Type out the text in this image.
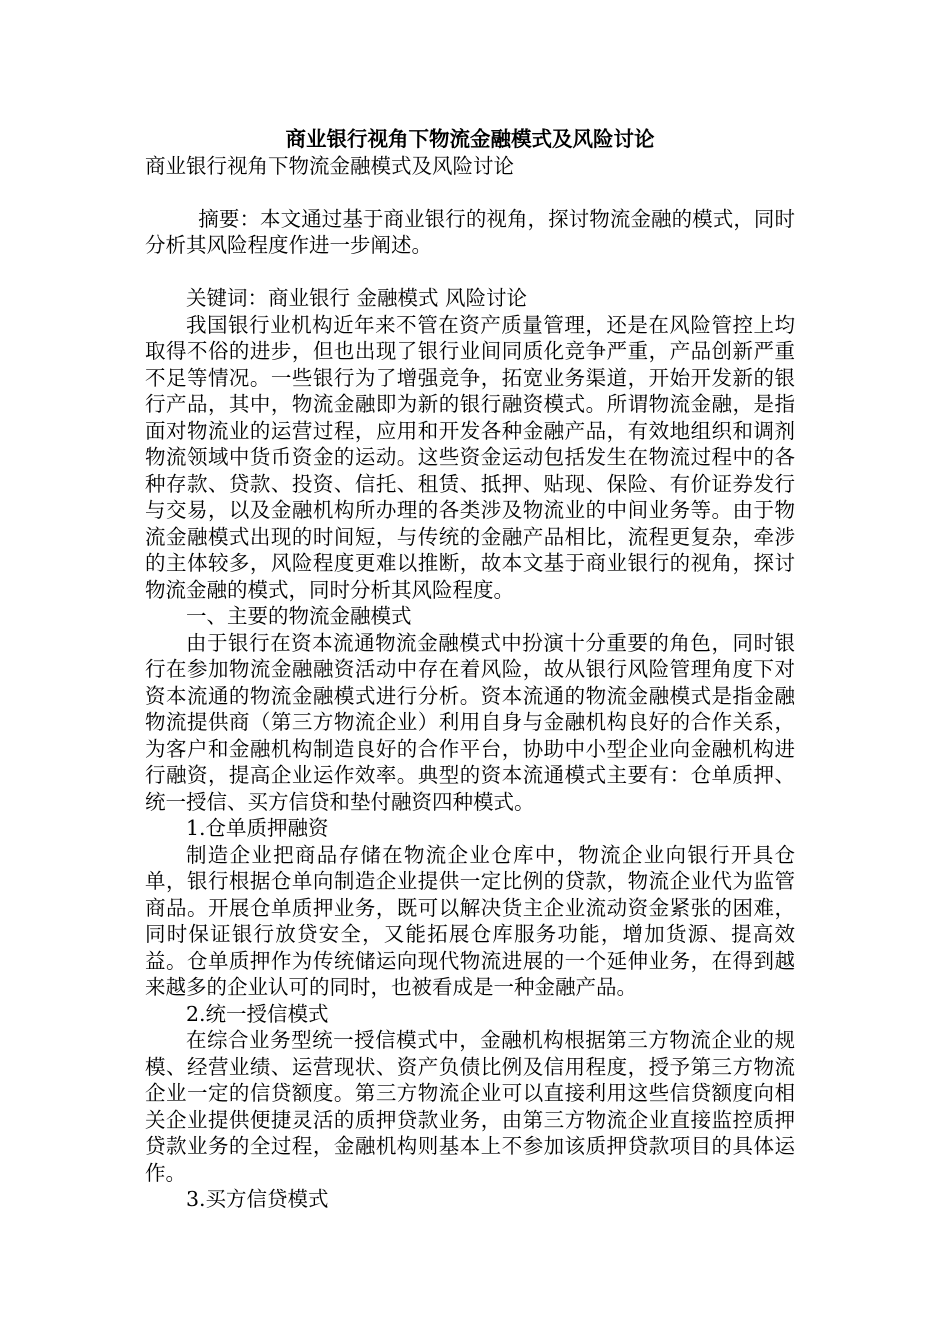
商业银行视角下物流金融模式及风险讨论

商业银行视角下物流金融模式及风险讨论

摘要：本文通过基于商业银行的视角，探讨物流金融的模式，同时分析其风险程度作进一步阐述。

关键词：商业银行 金融模式 风险讨论

我国银行业机构近年来不管在资产质量管理，还是在风险管控上均取得不俗的进步，但也出现了银行业间同质化竞争严重，产品创新严重不足等情况。一些银行为了增强竞争，拓宽业务渠道，开始开发新的银行产品，其中，物流金融即为新的银行融资模式。所谓物流金融，是指面对物流业的运营过程，应用和开发各种金融产品，有效地组织和调剂物流领域中货币资金的运动。这些资金运动包括发生在物流过程中的各种存款、贷款、投资、信托、租赁、抵押、贴现、保险、有价证券发行与交易，以及金融机构所办理的各类涉及物流业的中间业务等。由于物流金融模式出现的时间短，与传统的金融产品相比，流程更复杂，牵涉的主体较多，风险程度更难以推断，故本文基于商业银行的视角，探讨物流金融的模式，同时分析其风险程度。

一、主要的物流金融模式

由于银行在资本流通物流金融模式中扮演十分重要的角色，同时银行在参加物流金融融资活动中存在着风险，故从银行风险管理角度下对资本流通的物流金融模式进行分析。资本流通的物流金融模式是指金融物流提供商（第三方物流企业）利用自身与金融机构良好的合作关系，为客户和金融机构制造良好的合作平台，协助中小型企业向金融机构进行融资，提高企业运作效率。典型的资本流通模式主要有：仓单质押、统一授信、买方信贷和垫付融资四种模式。

1.仓单质押融资

制造企业把商品存储在物流企业仓库中，物流企业向银行开具仓单，银行根据仓单向制造企业提供一定比例的贷款，物流企业代为监管商品。开展仓单质押业务，既可以解决货主企业流动资金紧张的困难，同时保证银行放贷安全，又能拓展仓库服务功能，增加货源、提高效益。仓单质押作为传统储运向现代物流进展的一个延伸业务，在得到越来越多的企业认可的同时，也被看成是一种金融产品。

2.统一授信模式

在综合业务型统一授信模式中，金融机构根据第三方物流企业的规模、经营业绩、运营现状、资产负债比例及信用程度，授予第三方物流企业一定的信贷额度。第三方物流企业可以直接利用这些信贷额度向相关企业提供便捷灵活的质押贷款业务，由第三方物流企业直接监控质押贷款业务的全过程，金融机构则基本上不参加该质押贷款项目的具体运作。

3.买方信贷模式
